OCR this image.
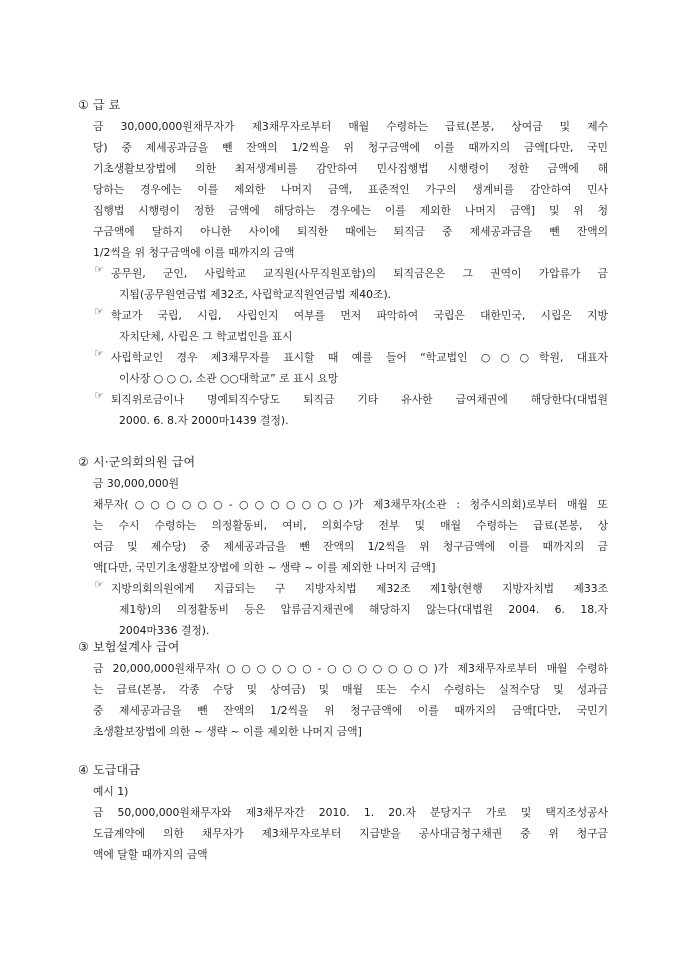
① 급 료
금 30,000,000원채무자가 제3채무자로부터 매월 수령하는 급료(본봉, 상여금 및 제수
당) 중 제세공과금을 뺀 잔액의 1/2씩을 위 청구금액에 이를 때까지의 금액[다만, 국민
기초생활보장법에 의한 최저생계비를 감안하여 민사집행법 시행령이 정한 금액에 해
당하는 경우에는 이를 제외한 나머지 금액, 표준적인 가구의 생계비를 감안하여 민사
집행법 시행령이 정한 금액에 해당하는 경우에는 이를 제외한 나머지 금액] 및 위 청
구금액에 달하지 아니한 사이에 퇴직한 때에는 퇴직금 중 제세공과금을 뺀 잔액의
1/2씩을 위 청구금액에 이를 때까지의 금액
☞ 공무원, 군인, 사립학교 교직원(사무직원포함)의 퇴직금은은 그 권역이 가압류가 금
지됨(공무원연금법 제32조, 사립학교직원연금법 제40조).
☞ 학교가 국립, 시립, 사립인지 여부를 먼저 파악하여 국립은 대한민국, 시립은 지방
자치단체, 사립은 그 학교법인을 표시
☞ 사립학교인 경우 제3채무자를 표시할 때 예를 들어 “학교법인 ○○○학원, 대표자
이사장 ○ ○ ○, 소관 ○○대학교” 로 표시 요망
☞ 퇴직위로금이나 명예퇴직수당도 퇴직금 기타 유사한 급여채권에 해당한다(대법원
2000. 6. 8.자 2000마1439 결정).
② 시·군의회의원 급여
금 30,000,000원
채무자(○○○○○○-○○○○○○○)가 제3채무자(소관 : 청주시의회)로부터 매월 또
는 수시 수령하는 의정활동비, 여비, 의회수당 전부 및 매월 수령하는 급료(본봉, 상
여금 및 제수당) 중 제세공과금을 뺀 잔액의 1/2씩을 위 청구금액에 이를 때까지의 금
액[다만, 국민기초생활보장법에 의한 ~ 생략 ~ 이를 제외한 나머지 금액]
☞ 지방의회의원에게 지급되는 구 지방자치법 제32조 제1항(현행 지방자치법 제33조
제1항)의 의정활동비 등은 압류금지채권에 해당하지 않는다(대법원 2004. 6. 18.자
2004마336 결정).
③ 보험설계사 급여
금 20,000,000원채무자(○○○○○○-○○○○○○○)가 제3채무자로부터 매월 수령하
는 급료(본봉, 각종 수당 및 상여금) 및 매월 또는 수시 수령하는 실적수당 및 성과금
중 제세공과금을 뺀 잔액의 1/2씩을 위 청구금액에 이를 때까지의 금액[다만, 국민기
초생활보장법에 의한 ~ 생략 ~ 이를 제외한 나머지 금액]
④ 도급대금
예시 1)
금 50,000,000원채무자와 제3채무자간 2010. 1. 20.자 분당지구 가로 및 택지조성공사
도급계약에 의한 채무자가 제3채무자로부터 지급받을 공사대금청구채권 중 위 청구금
액에 달할 때까지의 금액
